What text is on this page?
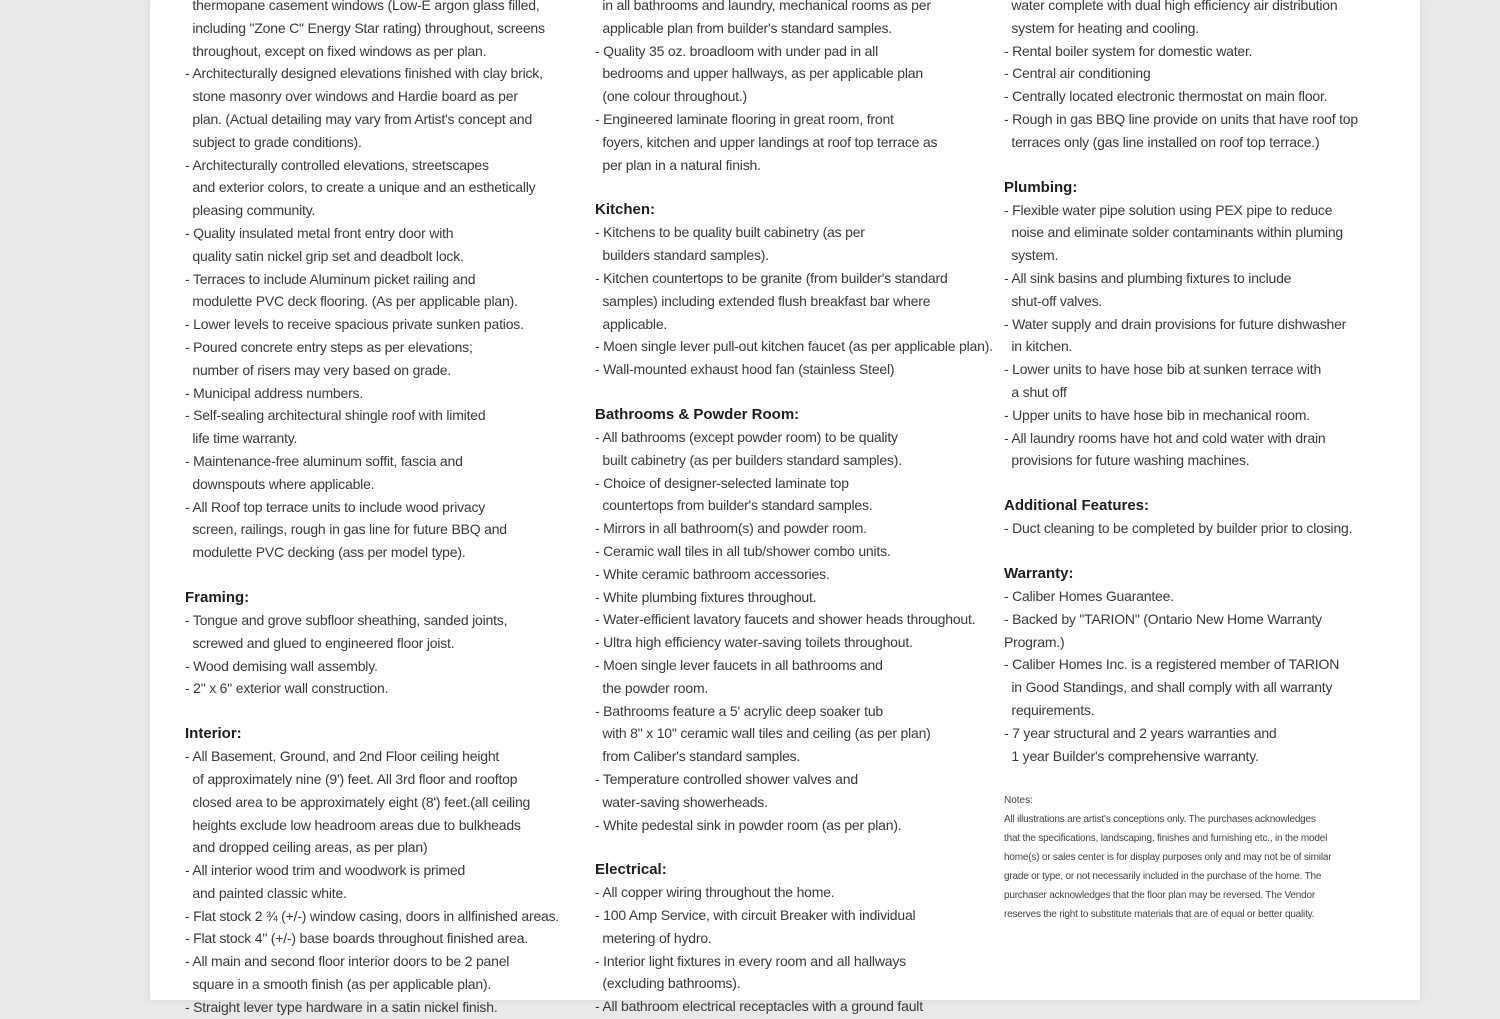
thermopane casement windows (Low-E argon glass filled,
including "Zone C" Energy Star rating) throughout, screens
throughout, except on fixed windows as per plan.
- Architecturally designed elevations finished with clay brick,
stone masonry over windows and Hardie board as per
plan. (Actual detailing may vary from Artist's concept and
subject to grade conditions).
- Architecturally controlled elevations, streetscapes
and exterior colors, to create a unique and an esthetically
pleasing community.
- Quality insulated metal front entry door with
quality satin nickel grip set and deadbolt lock.
- Terraces to include Aluminum picket railing and
modulette PVC deck flooring. (As per applicable plan).
- Lower levels to receive spacious private sunken patios.
- Poured concrete entry steps as per elevations;
number of risers may very based on grade.
- Municipal address numbers.
- Self-sealing architectural shingle roof with limited
life time warranty.
- Maintenance-free aluminum soffit, fascia and
downspouts where applicable.
- All Roof top terrace units to include wood privacy
screen, railings, rough in gas line for future BBQ and
modulette PVC decking (ass per model type).
Framing:
- Tongue and grove subfloor sheathing, sanded joints,
screwed and glued to engineered floor joist.
- Wood demising wall assembly.
- 2" x 6" exterior wall construction.
Interior:
- All Basement, Ground, and 2nd Floor ceiling height
of approximately nine (9') feet. All 3rd floor and rooftop
closed area to be approximately eight (8') feet.(all ceiling
heights exclude low headroom areas due to bulkheads
and dropped ceiling areas, as per plan)
- All interior wood trim and woodwork is primed
and painted classic white.
- Flat stock 2 ¾ (+/-) window casing, doors in allfinished areas.
- Flat stock 4" (+/-) base boards throughout finished area.
- All main and second floor interior doors to be 2 panel
square in a smooth finish (as per applicable plan).
- Straight lever type hardware in a satin nickel finish.
in all bathrooms and laundry, mechanical rooms as per
applicable plan from builder's standard samples.
- Quality 35 oz. broadloom with under pad in all
bedrooms and upper hallways, as per applicable plan
(one colour throughout.)
- Engineered laminate flooring in great room, front
foyers, kitchen and upper landings at roof top terrace as
per plan in a natural finish.
Kitchen:
- Kitchens to be quality built cabinetry (as per
builders standard samples).
- Kitchen countertops to be granite (from builder's standard
samples) including extended flush breakfast bar where
applicable.
- Moen single lever pull-out kitchen faucet (as per applicable plan).
- Wall-mounted exhaust hood fan (stainless Steel)
Bathrooms & Powder Room:
- All bathrooms (except powder room) to be quality
built cabinetry (as per builders standard samples).
- Choice of designer-selected laminate top
countertops from builder's standard samples.
- Mirrors in all bathroom(s) and powder room.
- Ceramic wall tiles in all tub/shower combo units.
- White ceramic bathroom accessories.
- White plumbing fixtures throughout.
- Water-efficient lavatory faucets and shower heads throughout.
- Ultra high efficiency water-saving toilets throughout.
- Moen single lever faucets in all bathrooms and
the powder room.
- Bathrooms feature a 5' acrylic deep soaker tub
with 8" x 10" ceramic wall tiles and ceiling (as per plan)
from Caliber's standard samples.
- Temperature controlled shower valves and
water-saving showerheads.
- White pedestal sink in powder room (as per plan).
Electrical:
- All copper wiring throughout the home.
- 100 Amp Service, with circuit Breaker with individual
metering of hydro.
- Interior light fixtures in every room and all hallways
(excluding bathrooms).
- All bathroom electrical receptacles with a ground fault
water complete with dual high efficiency air distribution
system for heating and cooling.
- Rental boiler system for domestic water.
- Central air conditioning
- Centrally located electronic thermostat on main floor.
- Rough in gas BBQ line provide on units that have roof top
terraces only (gas line installed on roof top terrace.)
Plumbing:
- Flexible water pipe solution using PEX pipe to reduce
noise and eliminate solder contaminants within pluming
system.
- All sink basins and plumbing fixtures to include
shut-off valves.
- Water supply and drain provisions for future dishwasher
in kitchen.
- Lower units to have hose bib at sunken terrace with
a shut off
- Upper units to have hose bib in mechanical room.
- All laundry rooms have hot and cold water with drain
provisions for future washing machines.
Additional Features:
- Duct cleaning to be completed by builder prior to closing.
Warranty:
- Caliber Homes Guarantee.
- Backed by "TARION" (Ontario New Home Warranty
Program.)
- Caliber Homes Inc. is a registered member of TARION
in Good Standings, and shall comply with all warranty
requirements.
- 7 year structural and 2 years warranties and
1 year Builder's comprehensive warranty.
Notes:
All illustrations are artist's conceptions only. The purchases acknowledges
that the specifications, landscaping, finishes and furnishing etc., in the model
home(s) or sales center is for display purposes only and may not be of similar
grade or type, or not necessarily included in the purchase of the home. The
purchaser acknowledges that the floor plan may be reversed. The Vendor
reserves the right to substitute materials that are of equal or better quality.
